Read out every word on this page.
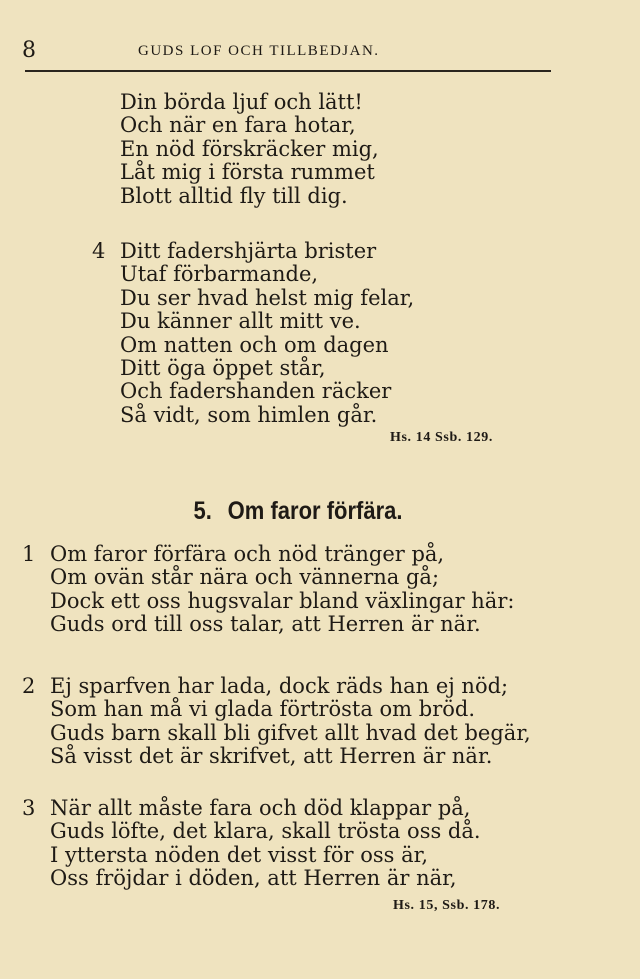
8	GUDS LOF OCH TILLBEDJAN.
Din börda ljuf och lätt!
Och när en fara hotar,
En nöd förskräcker mig,
Låt mig i första rummet
Blott alltid fly till dig.
4 Ditt fadershjärta brister
Utaf förbarmande,
Du ser hvad helst mig felar,
Du känner allt mitt ve.
Om natten och om dagen
Ditt öga öppet står,
Och fadershanden räcker
Så vidt, som himlen går.
Hs. 14 Ssb. 129.
5. Om faror förfära.
1 Om faror förfära och nöd tränger på,
Om ovän står nära och vännerna gå;
Dock ett oss hugsvalar bland växlingar här:
Guds ord till oss talar, att Herren är när.
2 Ej sparfven har lada, dock räds han ej nöd;
Som han må vi glada förtrösta om bröd.
Guds barn skall bli gifvet allt hvad det begär,
Så visst det är skrifvet, att Herren är när.
3 När allt måste fara och död klappar på,
Guds löfte, det klara, skall trösta oss då.
I yttersta nöden det visst för oss är,
Oss fröjdar i döden, att Herren är när,
Hs. 15, Ssb. 178.
